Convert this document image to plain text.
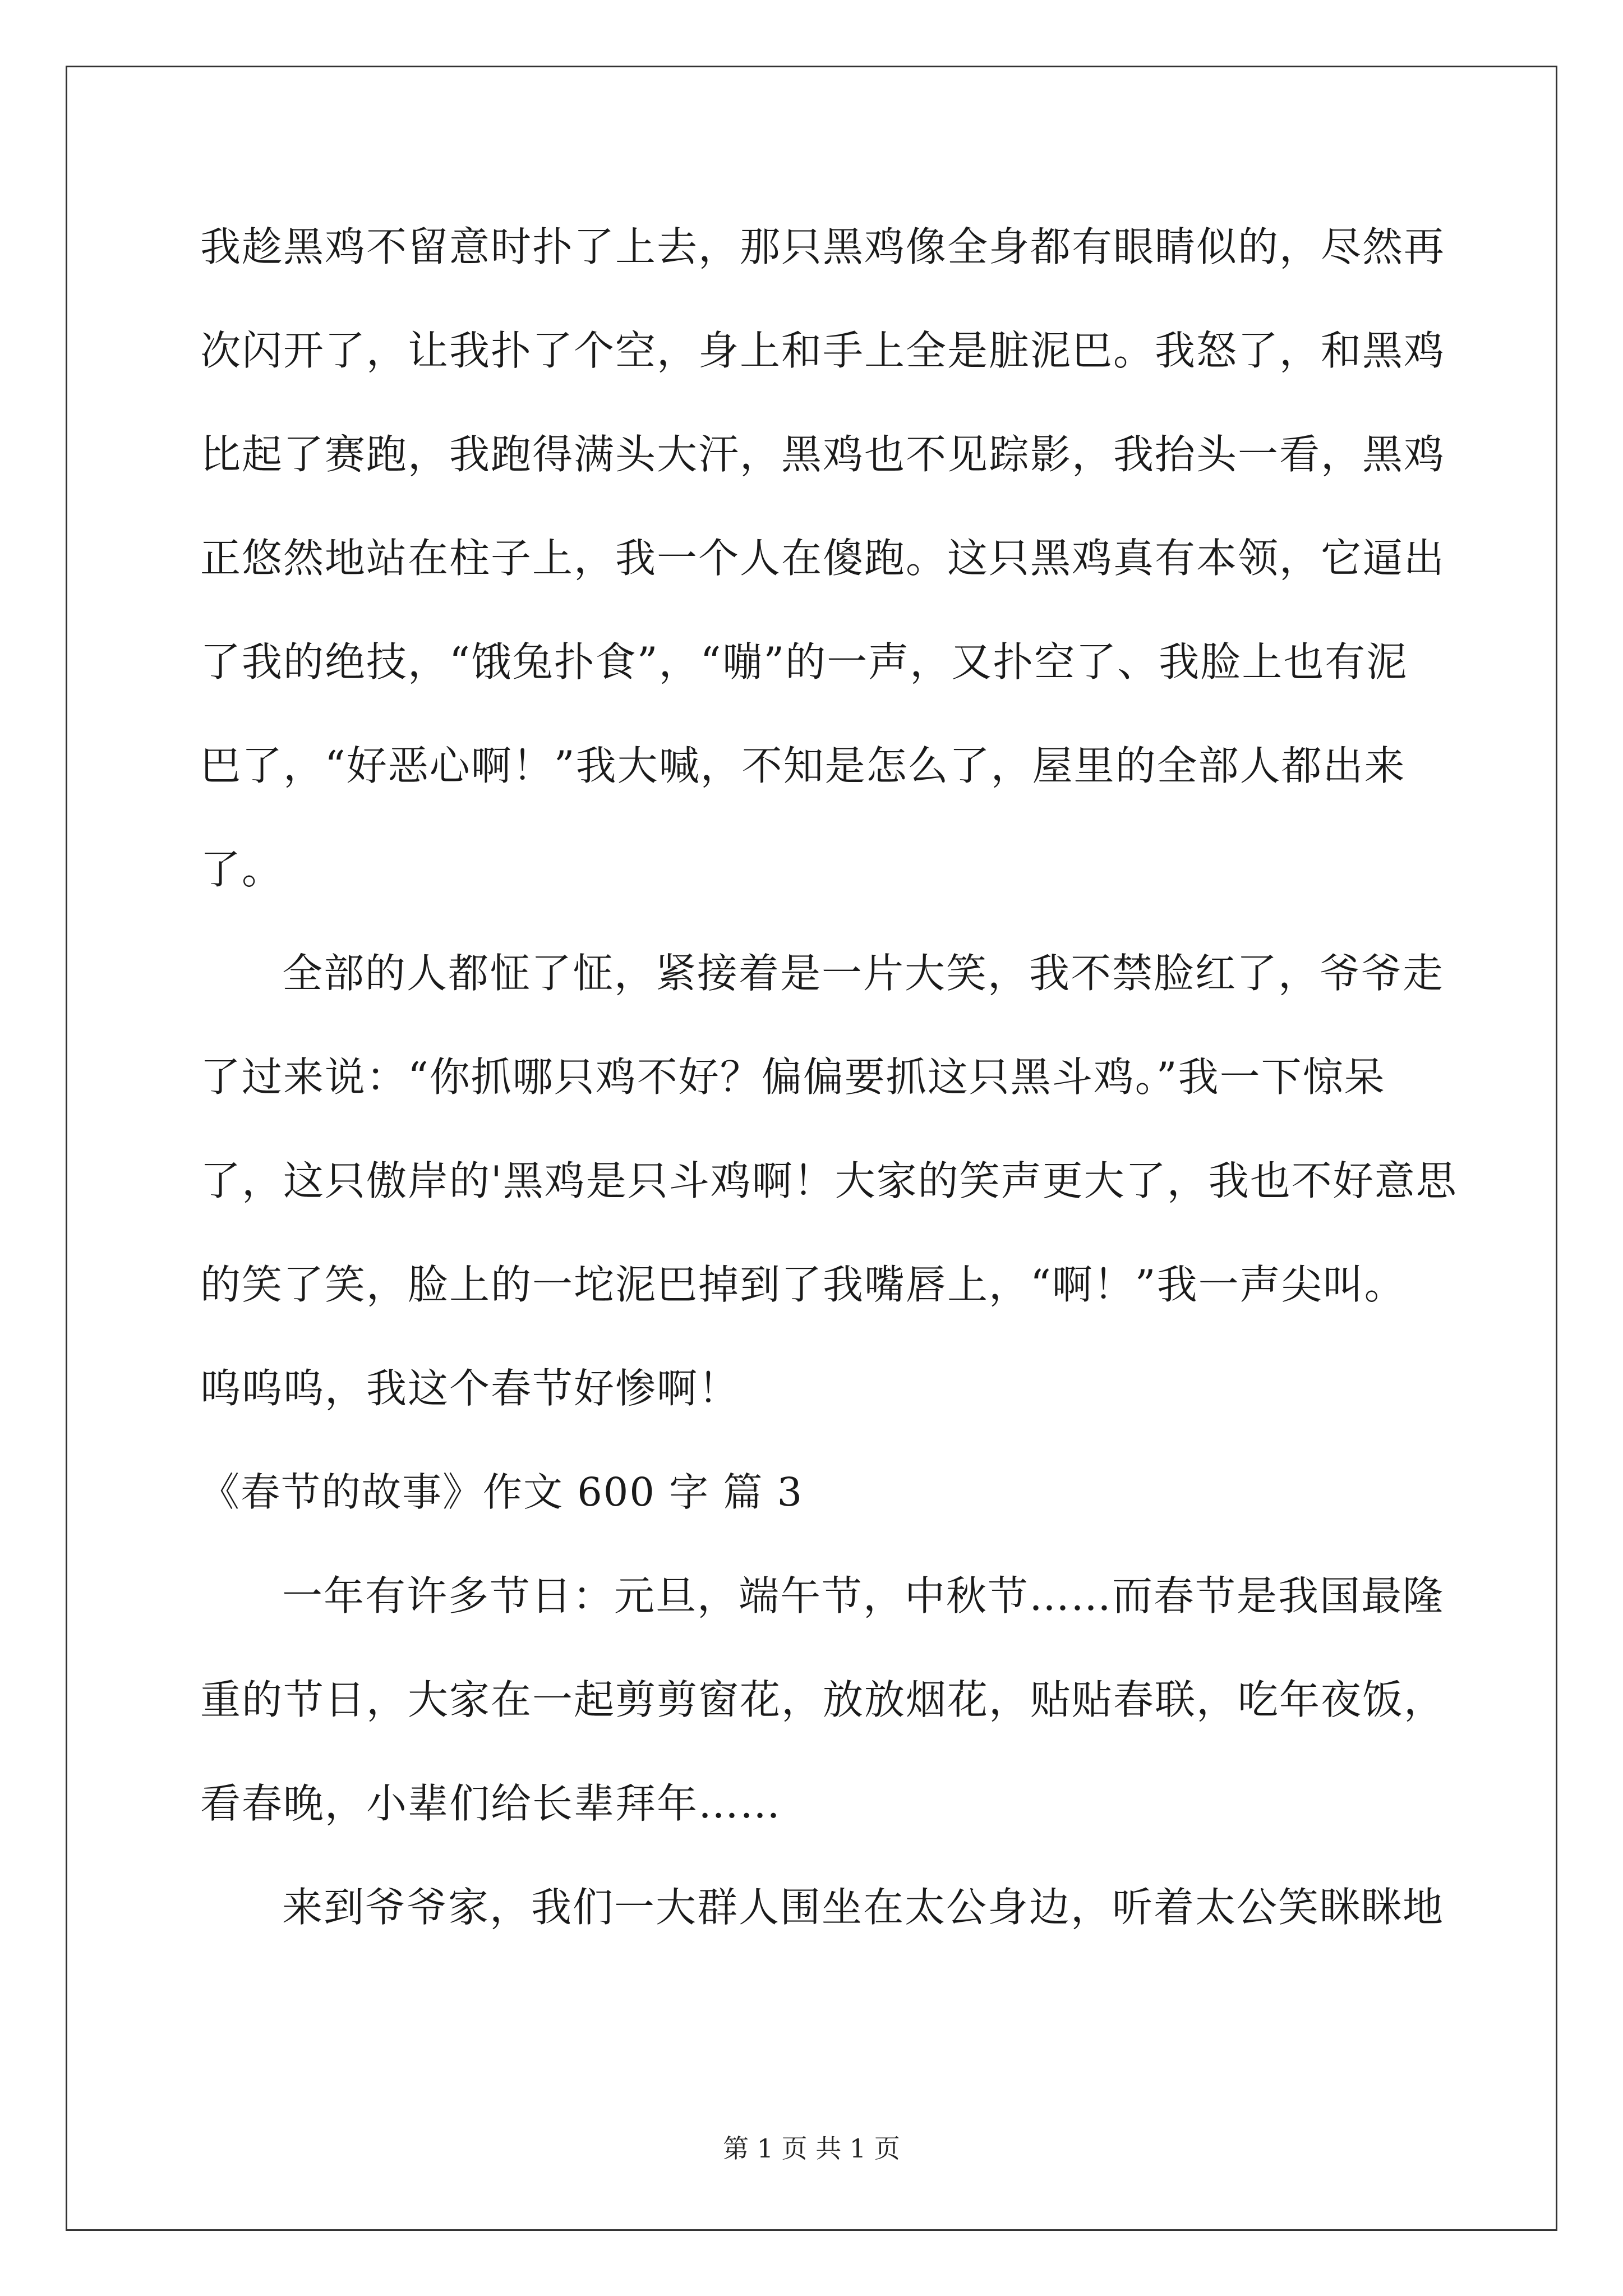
我趁黑鸡不留意时扑了上去，那只黑鸡像全身都有眼睛似的，尽然再
次闪开了，让我扑了个空，身上和手上全是脏泥巴。我怒了，和黑鸡
比起了赛跑，我跑得满头大汗，黑鸡也不见踪影，我抬头一看，黑鸡
正悠然地站在柱子上，我一个人在傻跑。这只黑鸡真有本领，它逼出
了我的绝技，“饿兔扑食”，“嘣”的一声，又扑空了、我脸上也有泥
巴了，“好恶心啊！”我大喊，不知是怎么了，屋里的全部人都出来
了。
全部的人都怔了怔，紧接着是一片大笑，我不禁脸红了，爷爷走
了过来说：“你抓哪只鸡不好？偏偏要抓这只黑斗鸡。”我一下惊呆
了，这只傲岸的'黑鸡是只斗鸡啊！大家的笑声更大了，我也不好意思
的笑了笑，脸上的一坨泥巴掉到了我嘴唇上，“啊！”我一声尖叫。
呜呜呜，我这个春节好惨啊！
《春节的故事》作文 600 字 篇 3
一年有许多节日：元旦，端午节，中秋节……而春节是我国最隆
重的节日，大家在一起剪剪窗花，放放烟花，贴贴春联，吃年夜饭，
看春晚，小辈们给长辈拜年……
来到爷爷家，我们一大群人围坐在太公身边，听着太公笑眯眯地
第 1 页 共 1 页
